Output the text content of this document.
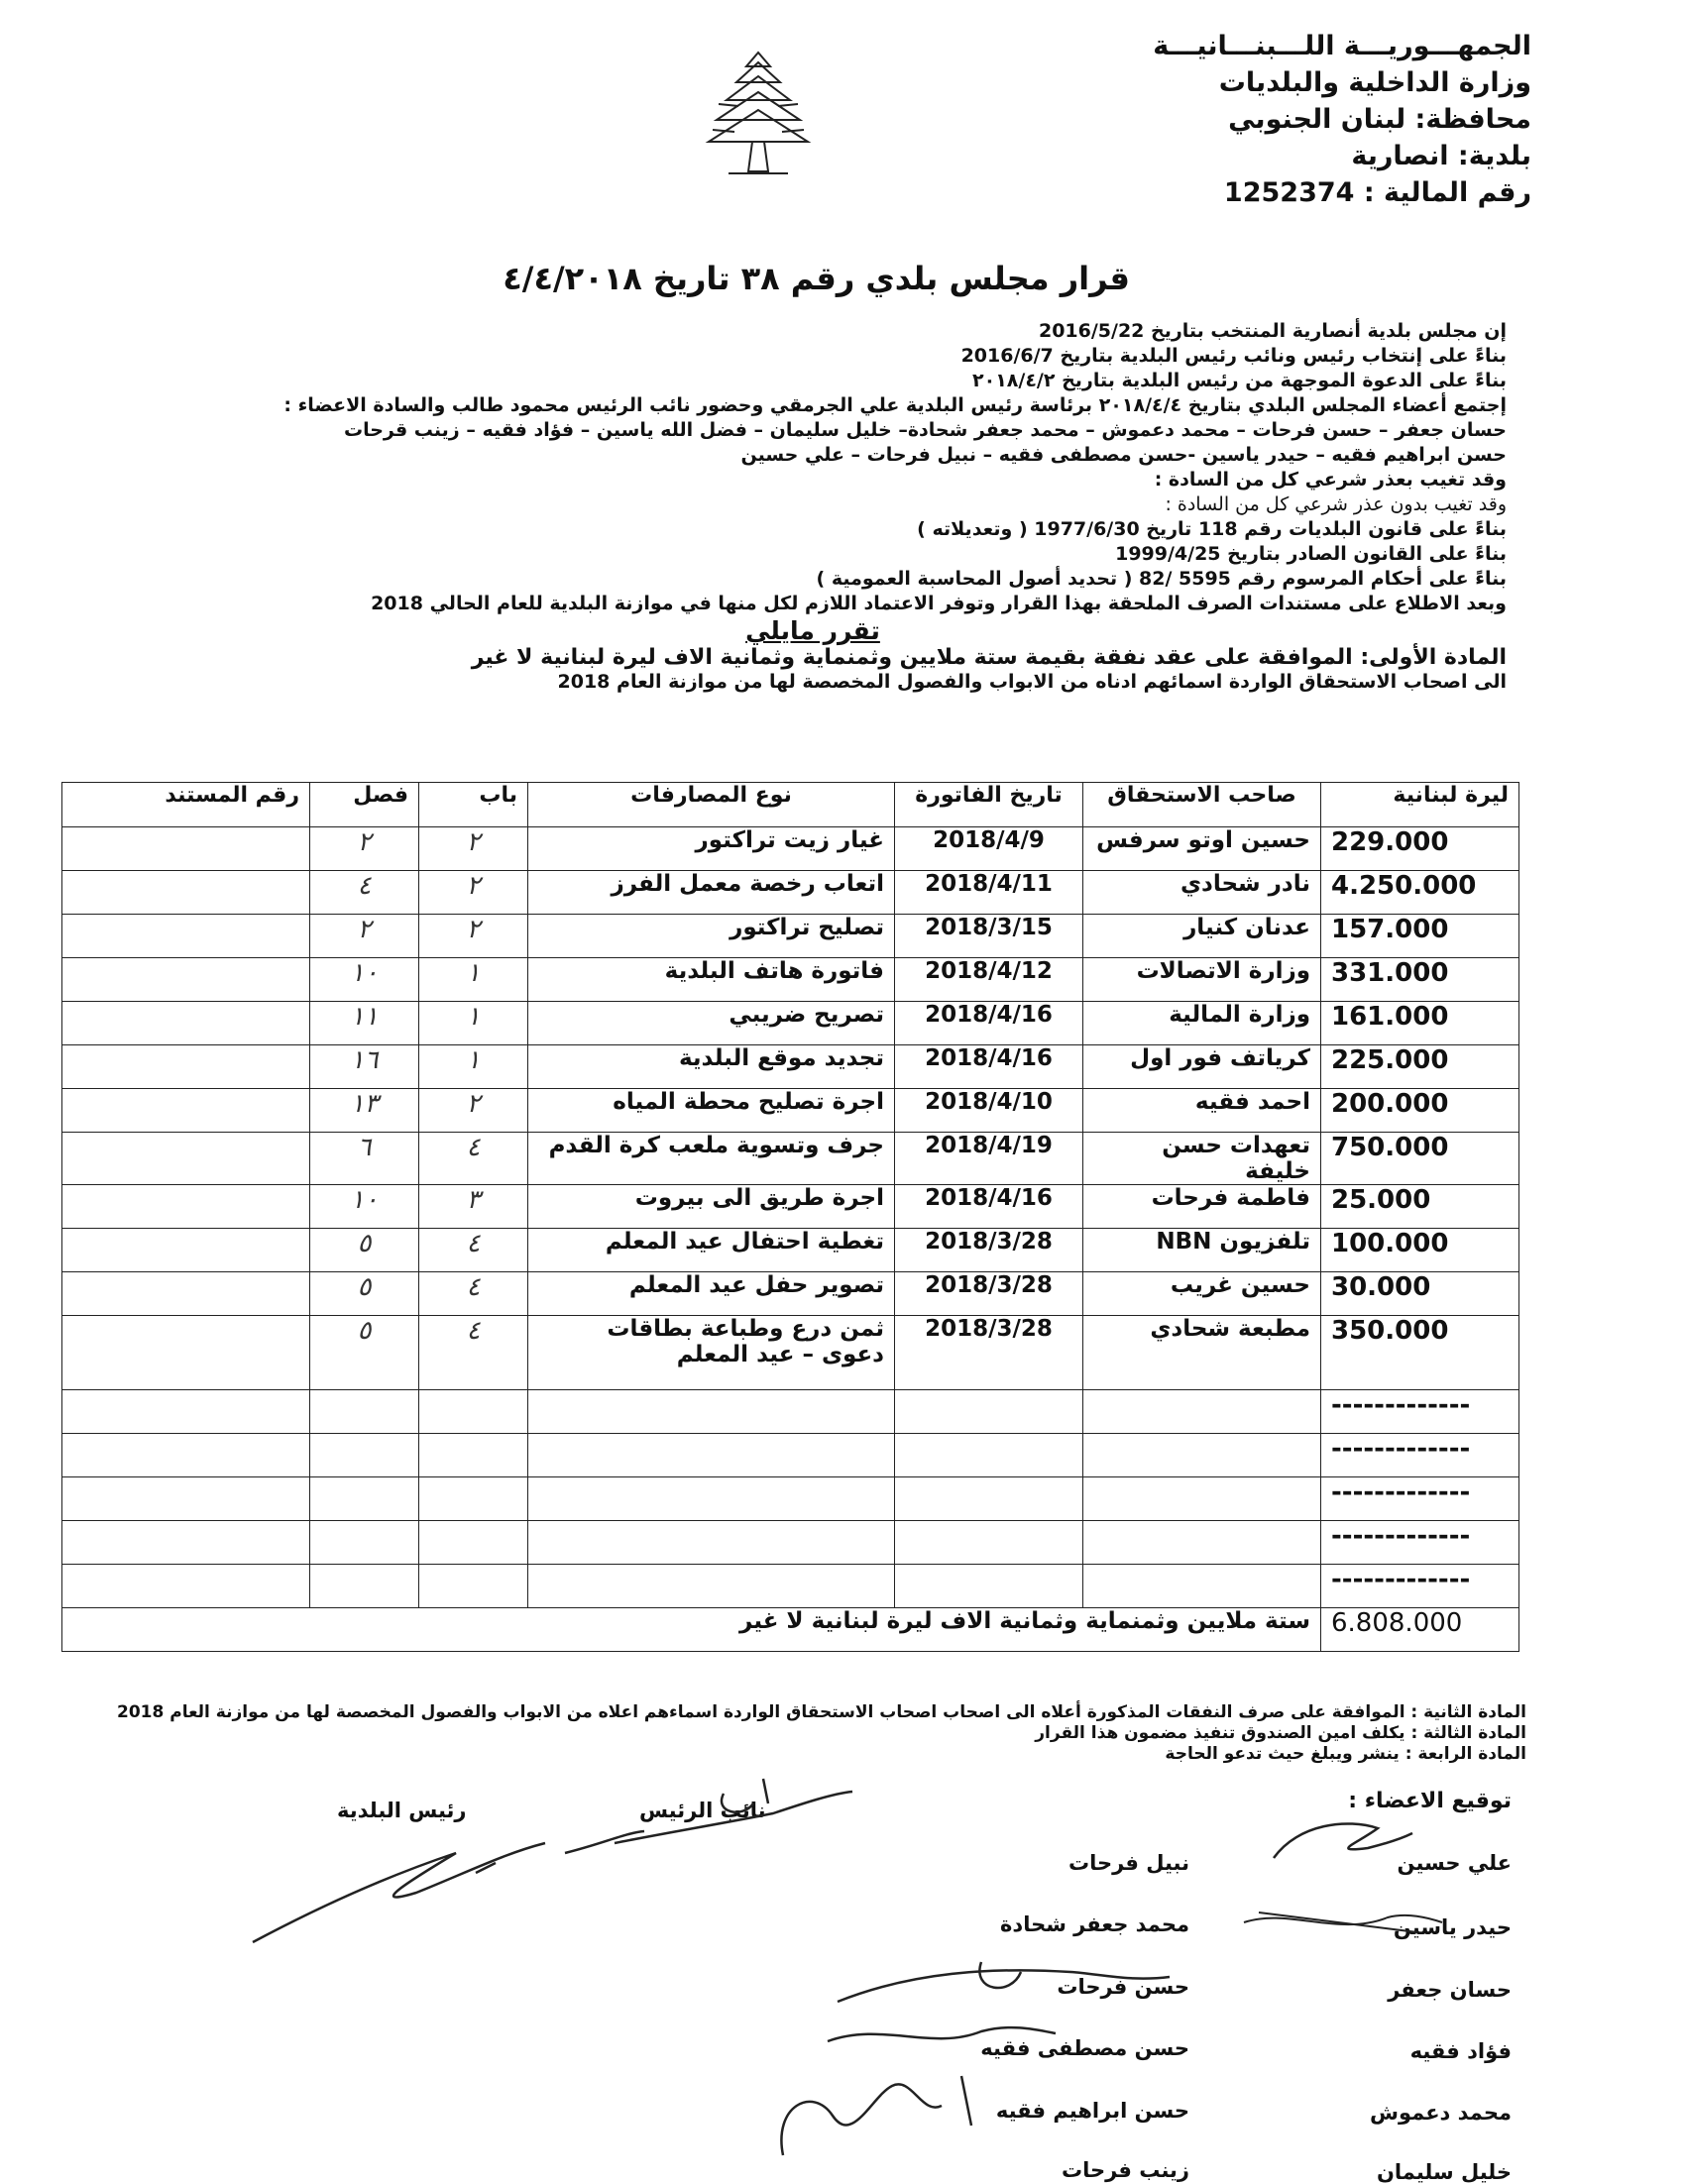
الجمهـــوريـــة اللـــبنـــانيـــة
وزارة الداخلية والبلديات
محافظة: لبنان الجنوبي
بلدية: انصارية
رقم المالية : 1252374
قرار مجلس بلدي رقم ٣٨ تاريخ ٤/٤/٢٠١٨
إن مجلس بلدية أنصارية المنتخب بتاريخ 2016/5/22
بناءً على إنتخاب رئيس ونائب رئيس البلدية بتاريخ 2016/6/7
بناءً على الدعوة الموجهة من رئيس البلدية بتاريخ ٢٠١٨/٤/٢
إجتمع أعضاء المجلس البلدي بتاريخ ٢٠١٨/٤/٤ برئاسة رئيس البلدية علي الجرمقي وحضور نائب الرئيس محمود طالب والسادة الاعضاء :
حسان جعفر – حسن فرحات – محمد دعموش – محمد جعفر شحادة– خليل سليمان – فضل الله ياسين – فؤاد فقيه – زينب قرحات
حسن ابراهيم فقيه – حيدر ياسين -حسن مصطفى فقيه – نبيل فرحات – علي حسين
وقد تغيب بعذر شرعي كل من السادة :
وقد تغيب بدون عذر شرعي كل من السادة :
بناءً على قانون البلديات رقم 118 تاريخ 1977/6/30 ( وتعديلاته )
بناءً على القانون الصادر بتاريخ 1999/4/25
بناءً على أحكام المرسوم رقم 5595 /82 ( تحديد أصول المحاسبة العمومية )
وبعد الاطلاع على مستندات الصرف الملحقة بهذا القرار وتوفر الاعتماد اللازم لكل منها في موازنة البلدية للعام الحالي 2018
تقرر مايلي
المادة الأولى: الموافقة على عقد نفقة بقيمة ستة ملايين وثمنماية وثمانية الاف ليرة لبنانية لا غير
الى اصحاب الاستحقاق الواردة اسمائهم ادناه من الابواب والفصول المخصصة لها من موازنة العام 2018
ليرة لبنانية	صاحب الاستحقاق	تاريخ الفاتورة	نوع المصارفات	باب	فصل	رقم المستند
229.000	حسين اوتو سرفس	2018/4/9	غيار زيت تراكتور	٢	٢	
4.250.000	نادر شحادي	2018/4/11	اتعاب رخصة معمل الفرز	٢	٤	
157.000	عدنان كنيار	2018/3/15	تصليح تراكتور	٢	٢	
331.000	وزارة الاتصالات	2018/4/12	فاتورة هاتف البلدية	١	١٠	
161.000	وزارة المالية	2018/4/16	تصريح ضريبي	١	١١	
225.000	كرياتف فور اول	2018/4/16	تجديد موقع البلدية	١	١٦	
200.000	احمد فقيه	2018/4/10	اجرة تصليح محطة المياه	٢	١٣	
750.000	تعهدات حسن خليفة	2018/4/19	جرف وتسوية ملعب كرة القدم	٤	٦	
25.000	فاطمة فرحات	2018/4/16	اجرة طريق الى بيروت	٣	١٠	
100.000	تلفزيون NBN	2018/3/28	تغطية احتفال عيد المعلم	٤	٥	
30.000	حسين غريب	2018/3/28	تصوير حفل عيد المعلم	٤	٥	
350.000	مطبعة شحادي	2018/3/28	ثمن درع وطباعة بطاقات دعوى – عيد المعلم	٤	٥	
-------------						
-------------						
-------------						
-------------						
-------------						
6.808.000	ستة ملايين وثمنماية وثمانية الاف ليرة لبنانية لا غير					
المادة الثانية : الموافقة على صرف النفقات المذكورة أعلاه الى اصحاب اصحاب الاستحقاق الواردة اسماءهم اعلاه من الابواب والفصول المخصصة لها من موازنة العام 2018
المادة الثالثة : يكلف امين الصندوق تنفيذ مضمون هذا القرار
المادة الرابعة : ينشر ويبلغ حيث تدعو الحاجة
توقيع الاعضاء :
رئيس البلدية	نائب الرئيس
علي حسين
حيدر ياسين
حسان جعفر
فؤاد فقيه
محمد دعموش
خليل سليمان
نبيل فرحات
محمد جعفر شحادة
حسن فرحات
حسن مصطفى فقيه
حسن ابراهيم فقيه
زينب فرحات
